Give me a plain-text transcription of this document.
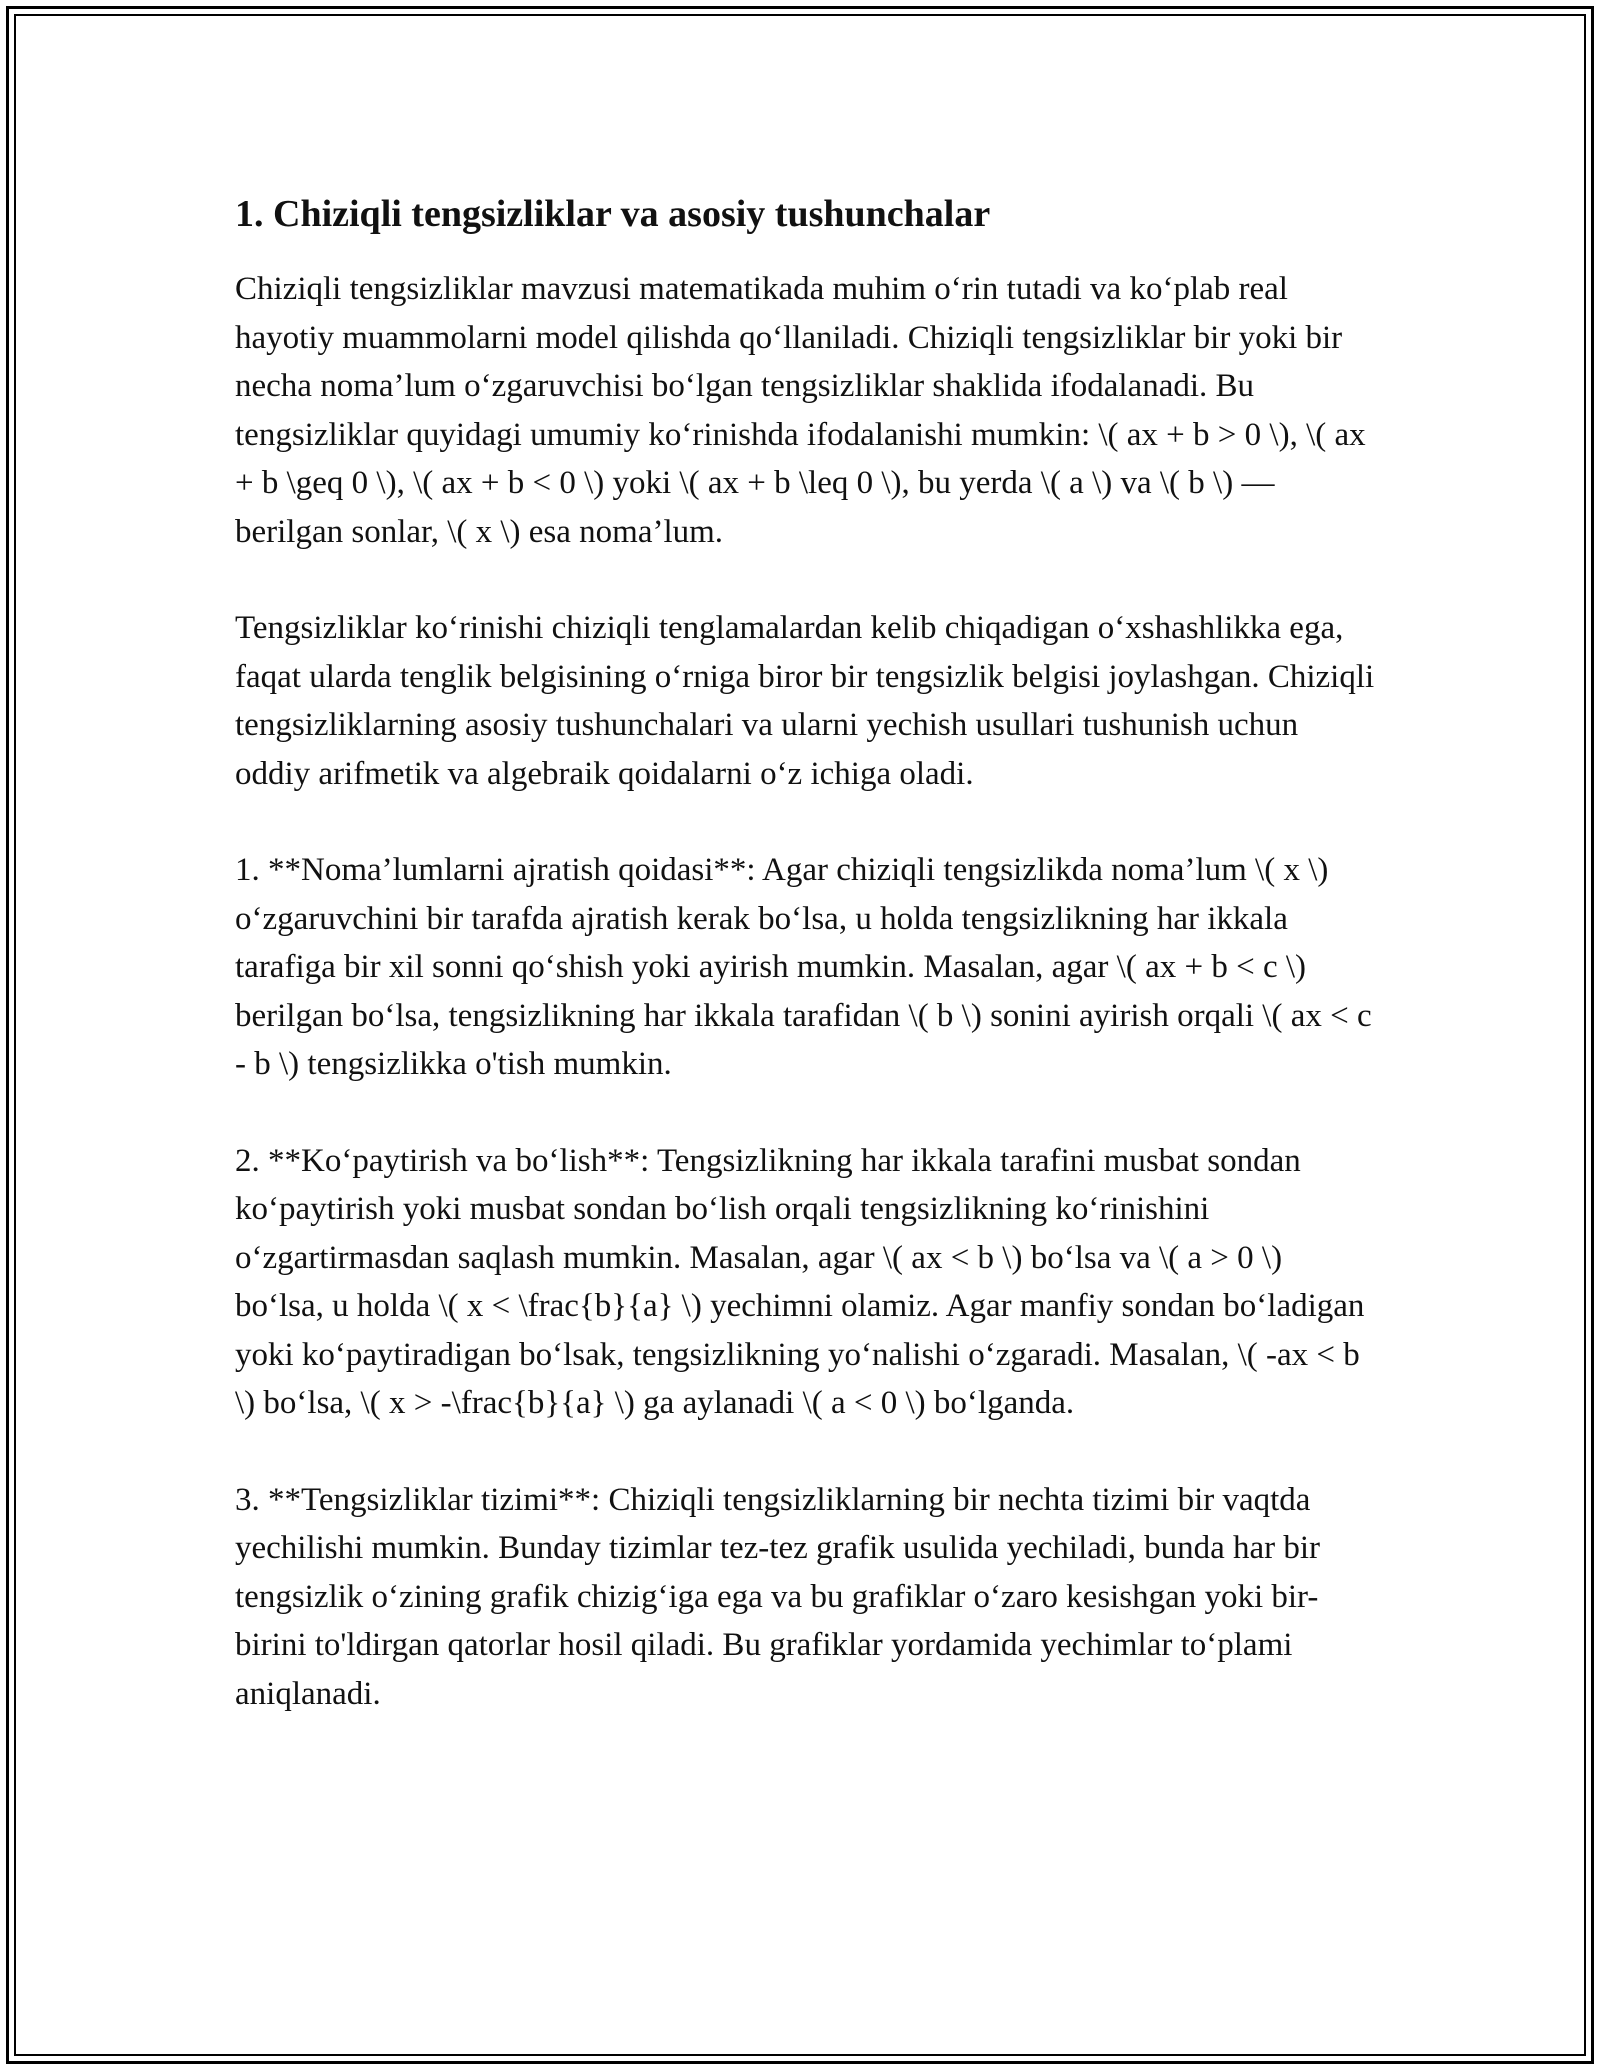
1. Chiziqli tengsizliklar va asosiy tushunchalar

Chiziqli tengsizliklar mavzusi matematikada muhim o‘rin tutadi va ko‘plab real hayotiy muammolarni model qilishda qo‘llaniladi. Chiziqli tengsizliklar bir yoki bir necha noma’lum o‘zgaruvchisi bo‘lgan tengsizliklar shaklida ifodalanadi. Bu tengsizliklar quyidagi umumiy ko‘rinishda ifodalanishi mumkin: \( ax + b > 0 \), \( ax + b \geq 0 \), \( ax + b < 0 \) yoki \( ax + b \leq 0 \), bu yerda \( a \) va \( b \) — berilgan sonlar, \( x \) esa noma’lum.

Tengsizliklar ko‘rinishi chiziqli tenglamalardan kelib chiqadigan o‘xshashlikka ega, faqat ularda tenglik belgisining o‘rniga biror bir tengsizlik belgisi joylashgan. Chiziqli tengsizliklarning asosiy tushunchalari va ularni yechish usullari tushunish uchun oddiy arifmetik va algebraik qoidalarni o‘z ichiga oladi.

1. **Noma’lumlarni ajratish qoidasi**: Agar chiziqli tengsizlikda noma’lum \( x \) o‘zgaruvchini bir tarafda ajratish kerak bo‘lsa, u holda tengsizlikning har ikkala tarafiga bir xil sonni qo‘shish yoki ayirish mumkin. Masalan, agar \( ax + b < c \) berilgan bo‘lsa, tengsizlikning har ikkala tarafidan \( b \) sonini ayirish orqali \( ax < c - b \) tengsizlikka o'tish mumkin.

2. **Ko‘paytirish va bo‘lish**: Tengsizlikning har ikkala tarafini musbat sondan ko‘paytirish yoki musbat sondan bo‘lish orqali tengsizlikning ko‘rinishini o‘zgartirmasdan saqlash mumkin. Masalan, agar \( ax < b \) bo‘lsa va \( a > 0 \) bo‘lsa, u holda \( x < \frac{b}{a} \) yechimni olamiz. Agar manfiy sondan bo‘ladigan yoki ko‘paytiradigan bo‘lsak, tengsizlikning yo‘nalishi o‘zgaradi. Masalan, \( -ax < b \) bo‘lsa, \( x > -\frac{b}{a} \) ga aylanadi \( a < 0 \) bo‘lganda.

3. **Tengsizliklar tizimi**: Chiziqli tengsizliklarning bir nechta tizimi bir vaqtda yechilishi mumkin. Bunday tizimlar tez-tez grafik usulida yechiladi, bunda har bir tengsizlik o‘zining grafik chizig‘iga ega va bu grafiklar o‘zaro kesishgan yoki bir-birini to'ldirgan qatorlar hosil qiladi. Bu grafiklar yordamida yechimlar to‘plami aniqlanadi.
